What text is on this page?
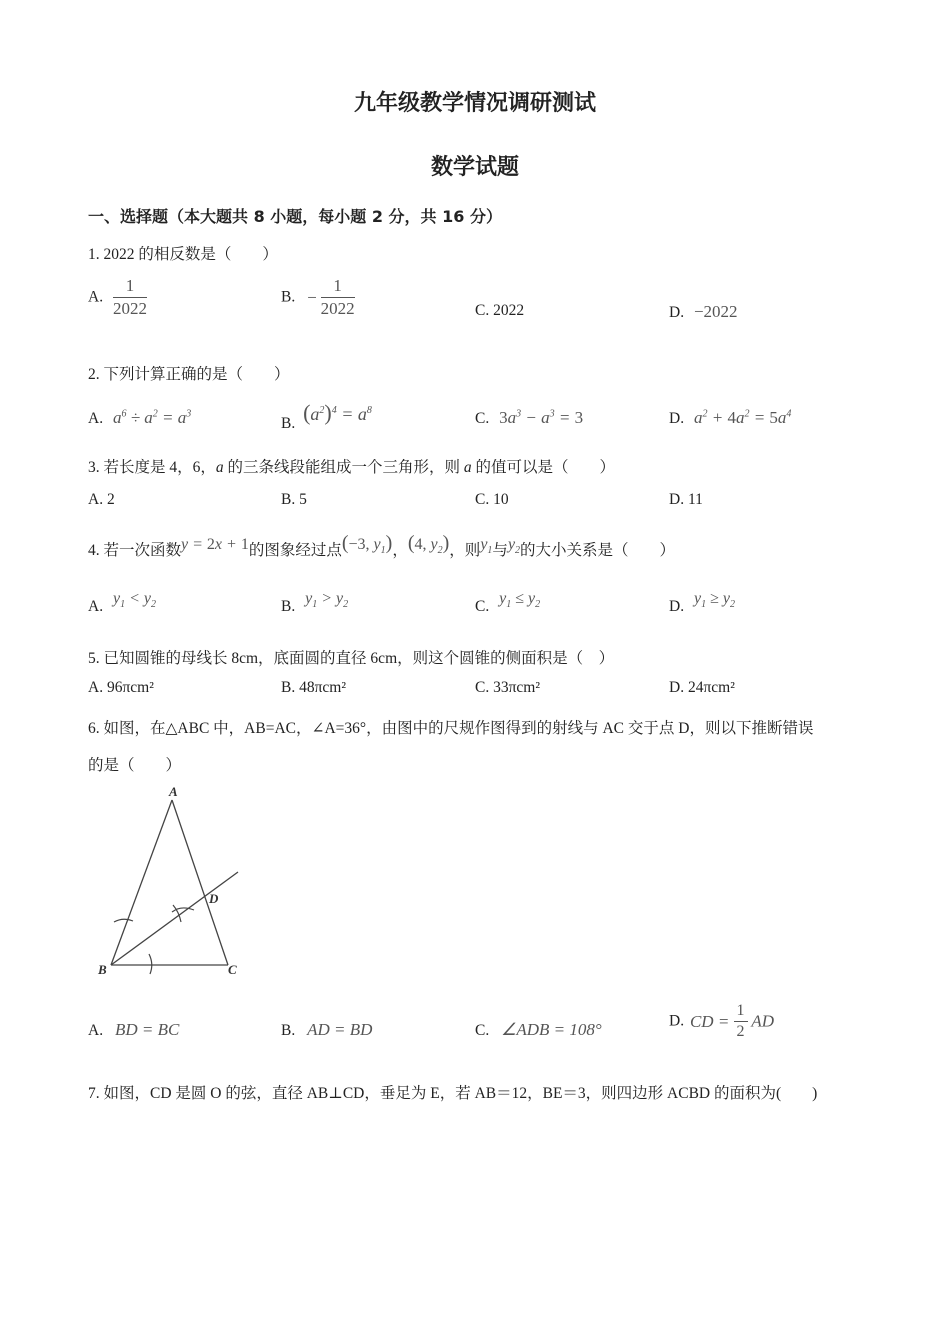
九年级教学情况调研测试
数学试题
一、选择题（本大题共 8 小题，每小题 2 分，共 16 分）
1. 2022 的相反数是（　　）
A. $\frac{1}{2022}$	B. − $\frac{1}{2022}$	C. 2022	D. −2022
2. 下列计算正确的是（　　）
A. $a^6 \div a^2 = a^3$
B. $(a^2)^4 = a^8$	C. $3a^3 - a^3 = 3$	D. $a^2 + 4a^2 = 5a^4$
3. 若长度是 4，6，a 的三条线段能组成一个三角形，则 a 的值可以是（　　）
A. 2	B. 5	C. 10	D. 11
4. 若一次函数y = 2x + 1的图象经过点(−3, $y_1$)，(4, $y_2$)，则$y_1$与$y_2$的大小关系是（　　）
A. $y_1 < y_2$	B. $y_1 > y_2$	C. $y_1 \le y_2$	D. $y_1 \ge y_2$
5. 已知圆锥的母线长 8cm，底面圆的直径 6cm，则这个圆锥的侧面积是（　）
A. 96πcm²	B. 48πcm²	C. 33πcm²	D. 24πcm²
6. 如图，在△ABC 中，AB=AC，∠A=36°，由图中的尺规作图得到的射线与 AC 交于点 D，则以下推断错误
的是（　　）
A
B	C
D
A. BD = BC	B. AD = BD	C. ∠ADB = 108°	D. CD = $\frac{1}{2}$ AD
7. 如图，CD 是圆 O 的弦，直径 AB⊥CD，垂足为 E，若 AB＝12，BE＝3，则四边形 ACBD 的面积为(　　)
